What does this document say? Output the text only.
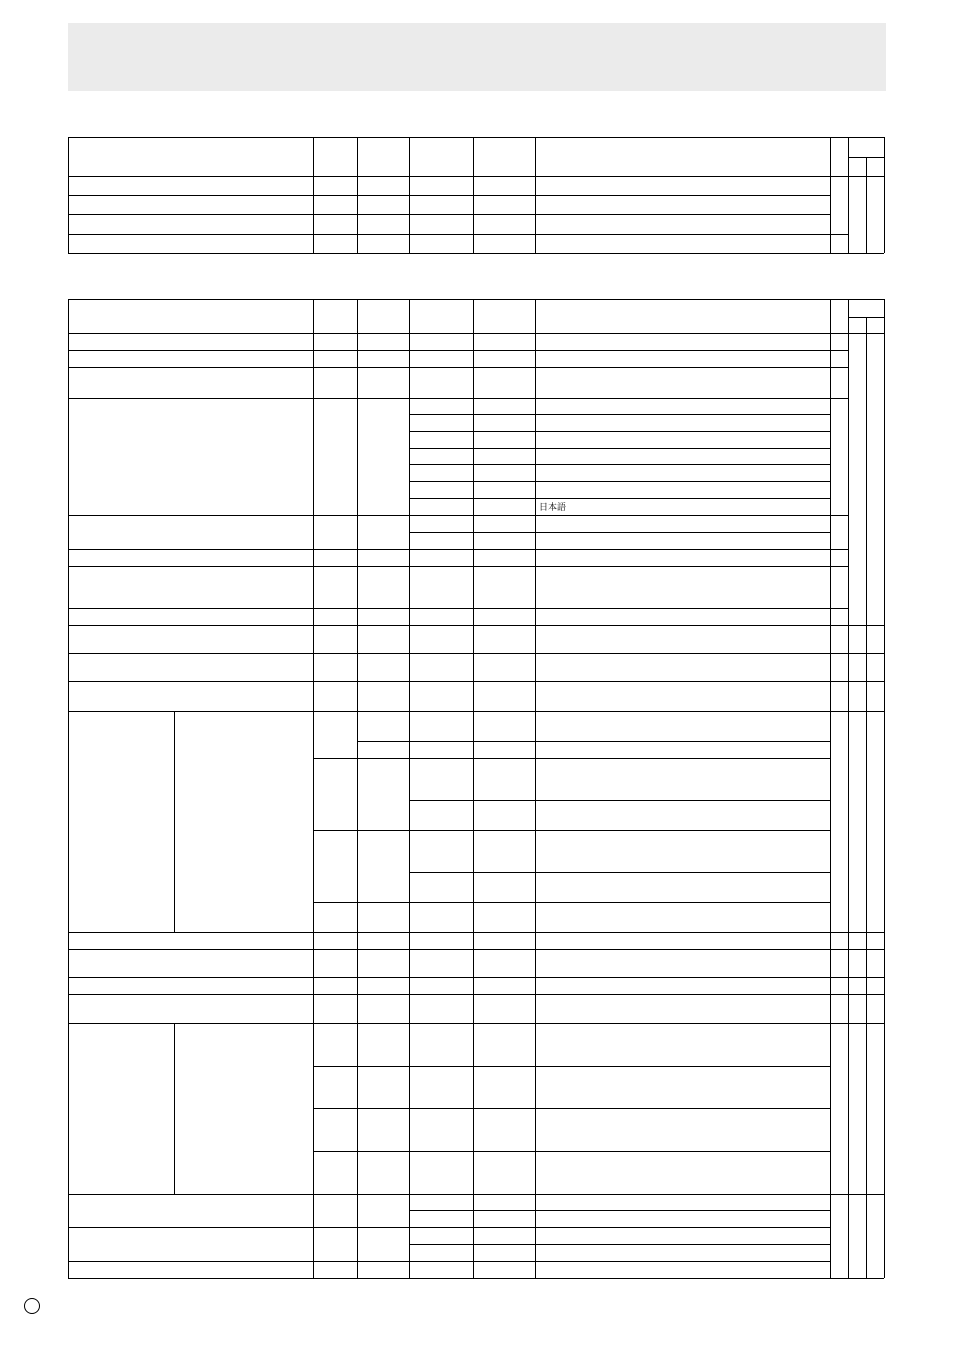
日本語
